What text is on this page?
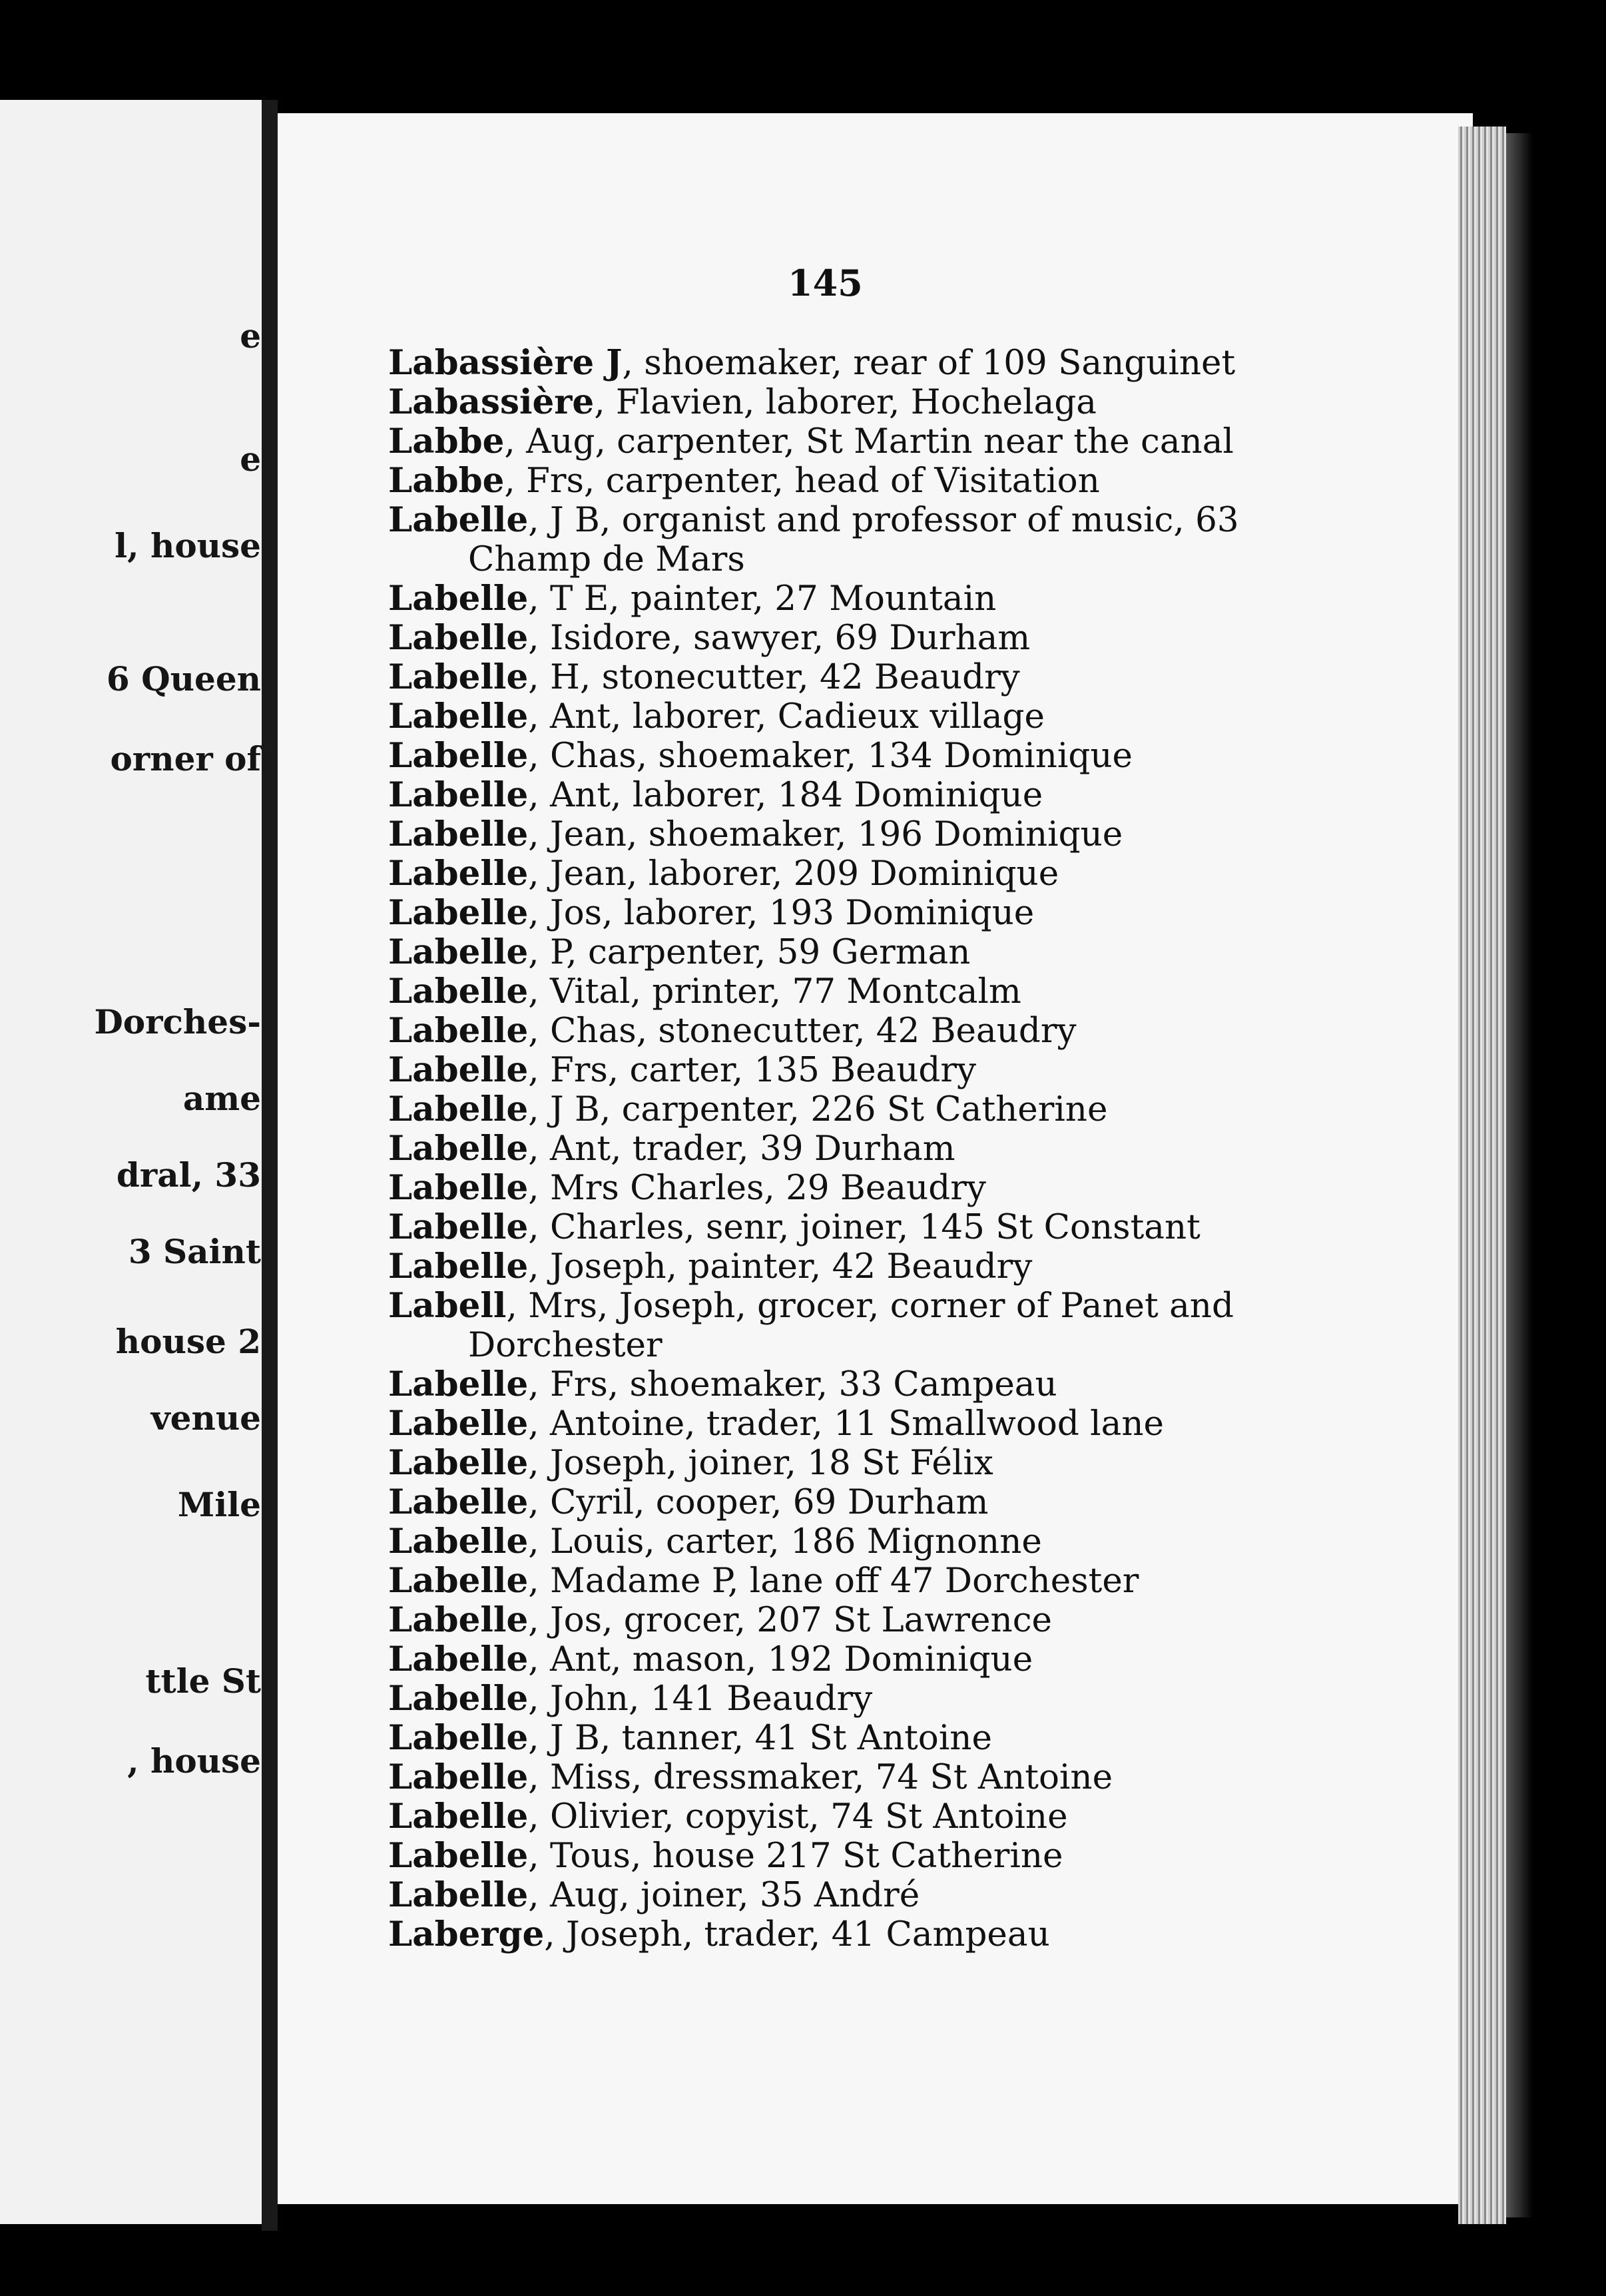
e
e
l, house
6 Queen
orner of
Dorches-
ame
dral, 33
3 Saint
house 2
venue
Mile
ttle St
, house
145
Labassière J, shoemaker, rear of 109 Sanguinet
Labassière, Flavien, laborer, Hochelaga
Labbe, Aug, carpenter, St Martin near the canal
Labbe, Frs, carpenter, head of Visitation
Labelle, J B, organist and professor of music, 63
Champ de Mars
Labelle, T E, painter, 27 Mountain
Labelle, Isidore, sawyer, 69 Durham
Labelle, H, stonecutter, 42 Beaudry
Labelle, Ant, laborer, Cadieux village
Labelle, Chas, shoemaker, 134 Dominique
Labelle, Ant, laborer, 184 Dominique
Labelle, Jean, shoemaker, 196 Dominique
Labelle, Jean, laborer, 209 Dominique
Labelle, Jos, laborer, 193 Dominique
Labelle, P, carpenter, 59 German
Labelle, Vital, printer, 77 Montcalm
Labelle, Chas, stonecutter, 42 Beaudry
Labelle, Frs, carter, 135 Beaudry
Labelle, J B, carpenter, 226 St Catherine
Labelle, Ant, trader, 39 Durham
Labelle, Mrs Charles, 29 Beaudry
Labelle, Charles, senr, joiner, 145 St Constant
Labelle, Joseph, painter, 42 Beaudry
Labell, Mrs, Joseph, grocer, corner of Panet and
Dorchester
Labelle, Frs, shoemaker, 33 Campeau
Labelle, Antoine, trader, 11 Smallwood lane
Labelle, Joseph, joiner, 18 St Félix
Labelle, Cyril, cooper, 69 Durham
Labelle, Louis, carter, 186 Mignonne
Labelle, Madame P, lane off 47 Dorchester
Labelle, Jos, grocer, 207 St Lawrence
Labelle, Ant, mason, 192 Dominique
Labelle, John, 141 Beaudry
Labelle, J B, tanner, 41 St Antoine
Labelle, Miss, dressmaker, 74 St Antoine
Labelle, Olivier, copyist, 74 St Antoine
Labelle, Tous, house 217 St Catherine
Labelle, Aug, joiner, 35 André
Laberge, Joseph, trader, 41 Campeau
